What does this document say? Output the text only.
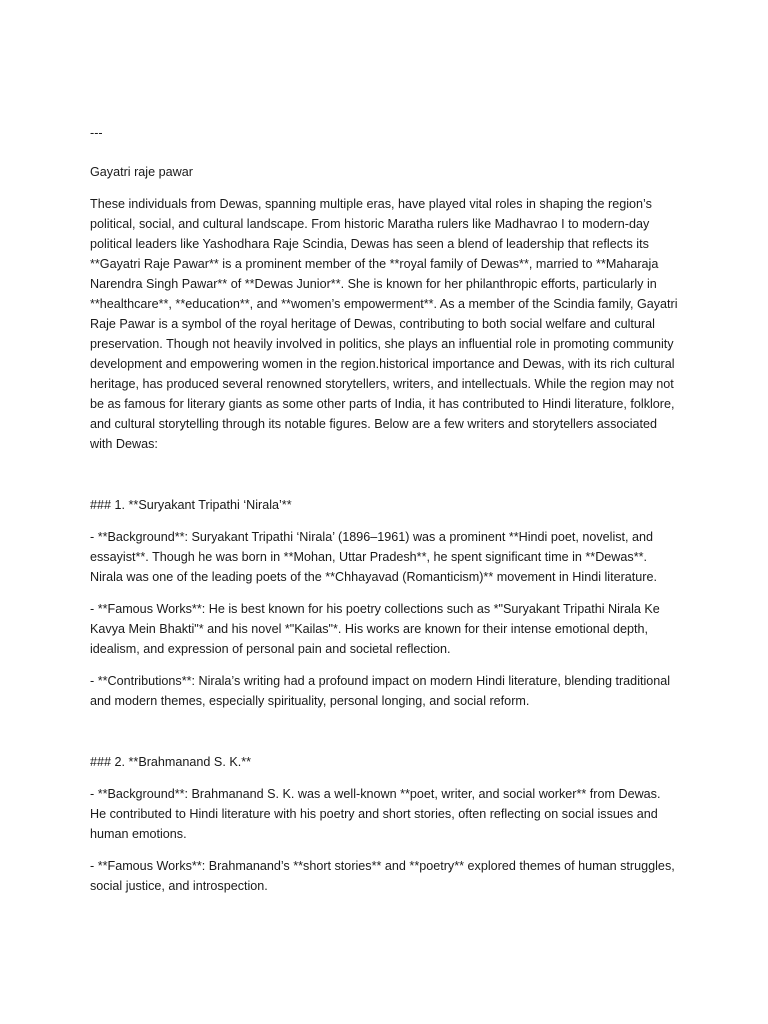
---

Gayatri raje pawar

These individuals from Dewas, spanning multiple eras, have played vital roles in shaping the region’s political, social, and cultural landscape. From historic Maratha rulers like Madhavrao I to modern-day political leaders like Yashodhara Raje Scindia, Dewas has seen a blend of leadership that reflects its **Gayatri Raje Pawar** is a prominent member of the **royal family of Dewas**, married to **Maharaja Narendra Singh Pawar** of **Dewas Junior**. She is known for her philanthropic efforts, particularly in **healthcare**, **education**, and **women’s empowerment**. As a member of the Scindia family, Gayatri Raje Pawar is a symbol of the royal heritage of Dewas, contributing to both social welfare and cultural preservation. Though not heavily involved in politics, she plays an influential role in promoting community development and empowering women in the region.historical importance and Dewas, with its rich cultural heritage, has produced several renowned storytellers, writers, and intellectuals. While the region may not be as famous for literary giants as some other parts of India, it has contributed to Hindi literature, folklore, and cultural storytelling through its notable figures. Below are a few writers and storytellers associated with Dewas:

### 1. **Suryakant Tripathi ‘Nirala’**

- **Background**: Suryakant Tripathi ‘Nirala’ (1896–1961) was a prominent **Hindi poet, novelist, and essayist**. Though he was born in **Mohan, Uttar Pradesh**, he spent significant time in **Dewas**. Nirala was one of the leading poets of the **Chhayavad (Romanticism)** movement in Hindi literature.

- **Famous Works**: He is best known for his poetry collections such as *"Suryakant Tripathi Nirala Ke Kavya Mein Bhakti"* and his novel *"Kailas"*. His works are known for their intense emotional depth, idealism, and expression of personal pain and societal reflection.

- **Contributions**: Nirala’s writing had a profound impact on modern Hindi literature, blending traditional and modern themes, especially spirituality, personal longing, and social reform.

### 2. **Brahmanand S. K.**

- **Background**: Brahmanand S. K. was a well-known **poet, writer, and social worker** from Dewas. He contributed to Hindi literature with his poetry and short stories, often reflecting on social issues and human emotions.

- **Famous Works**: Brahmanand’s **short stories** and **poetry** explored themes of human struggles, social justice, and introspection.
